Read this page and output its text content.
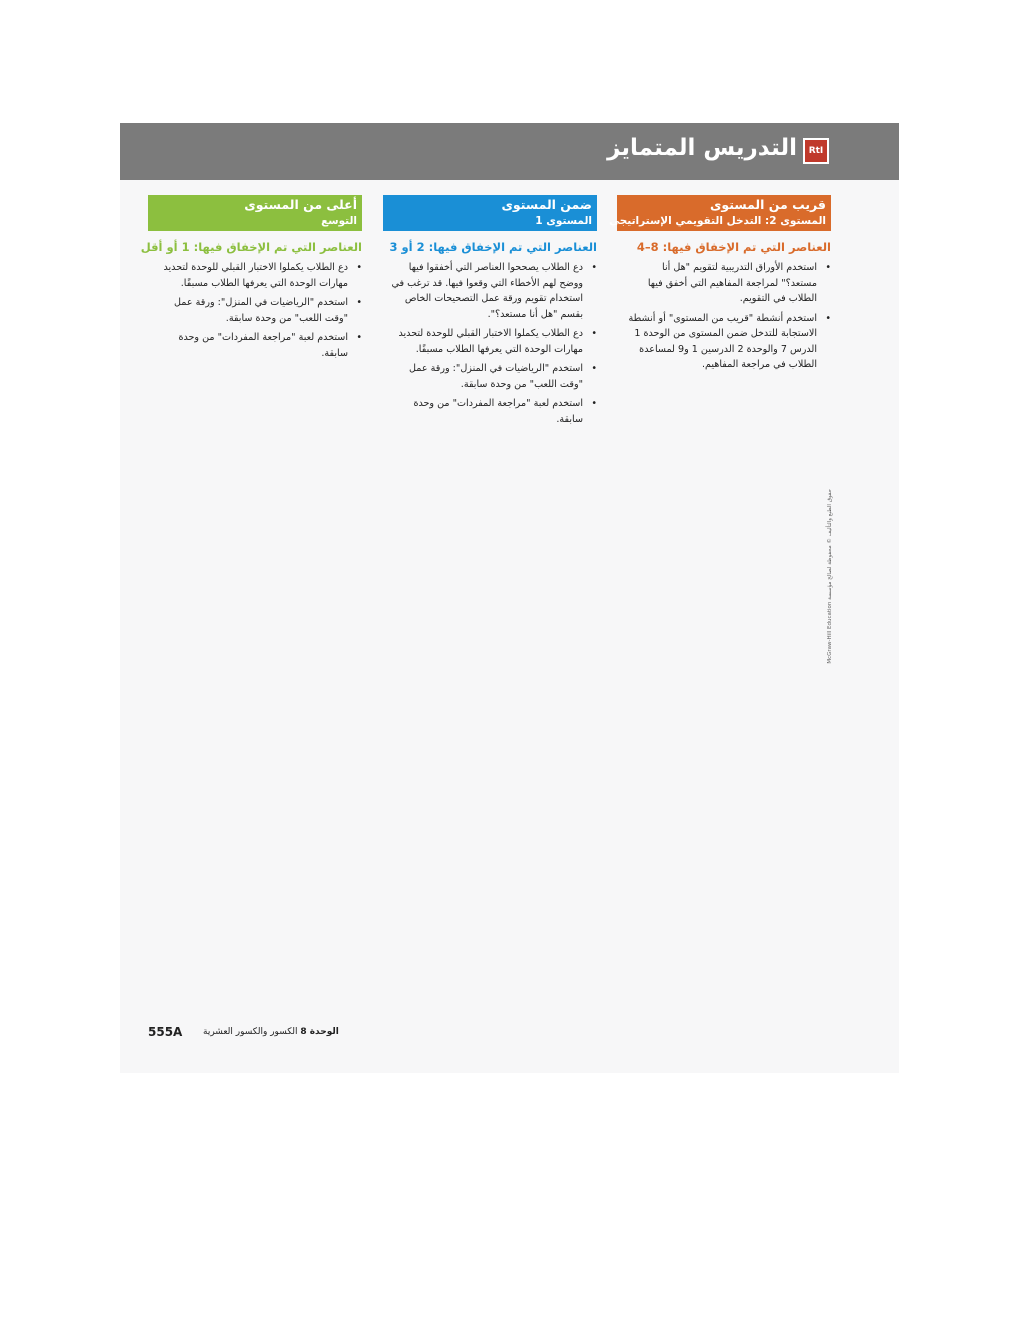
التدريس المتمايز	RtI
قريب من المستوى
المستوى 2: التدخل التقويمي الإستراتيجي
العناصر التي تم الإخفاق فيها: 8–4
• استخدم الأوراق التدريبية لتقويم "هل أنا مستعد؟" لمراجعة المفاهيم التي أخفق فيها الطلاب في التقويم.
• استخدم أنشطة "قريب من المستوى" أو أنشطة الاستجابة للتدخل ضمن المستوى من الوحدة 1 الدرس 7 والوحدة 2 الدرسين 1 و9 لمساعدة الطلاب في مراجعة المفاهيم.
ضمن المستوى
المستوى 1
العناصر التي تم الإخفاق فيها: 2 أو 3
• دع الطلاب يصححوا العناصر التي أخفقوا فيها ووضح لهم الأخطاء التي وقعوا فيها. قد ترغب في استخدام تقويم ورقة عمل التصحيحات الخاص بقسم "هل أنا مستعد؟".
• دع الطلاب يكملوا الاختبار القبلي للوحدة لتحديد مهارات الوحدة التي يعرفها الطلاب مسبقًا.
• استخدم "الرياضيات في المنزل": ورقة عمل "وقت اللعب" من وحدة سابقة.
• استخدم لعبة "مراجعة المفردات" من وحدة سابقة.
أعلى من المستوى
التوسع
العناصر التي تم الإخفاق فيها: 1 أو أقل
• دع الطلاب يكملوا الاختبار القبلي للوحدة لتحديد مهارات الوحدة التي يعرفها الطلاب مسبقًا.
• استخدم "الرياضيات في المنزل": ورقة عمل "وقت اللعب" من وحدة سابقة.
• استخدم لعبة "مراجعة المفردات" من وحدة سابقة.
حقوق الطبع والتأليف © محفوظة لصالح مؤسسة McGraw-Hill Education
555A	الوحدة 8 الكسور والكسور العشرية
